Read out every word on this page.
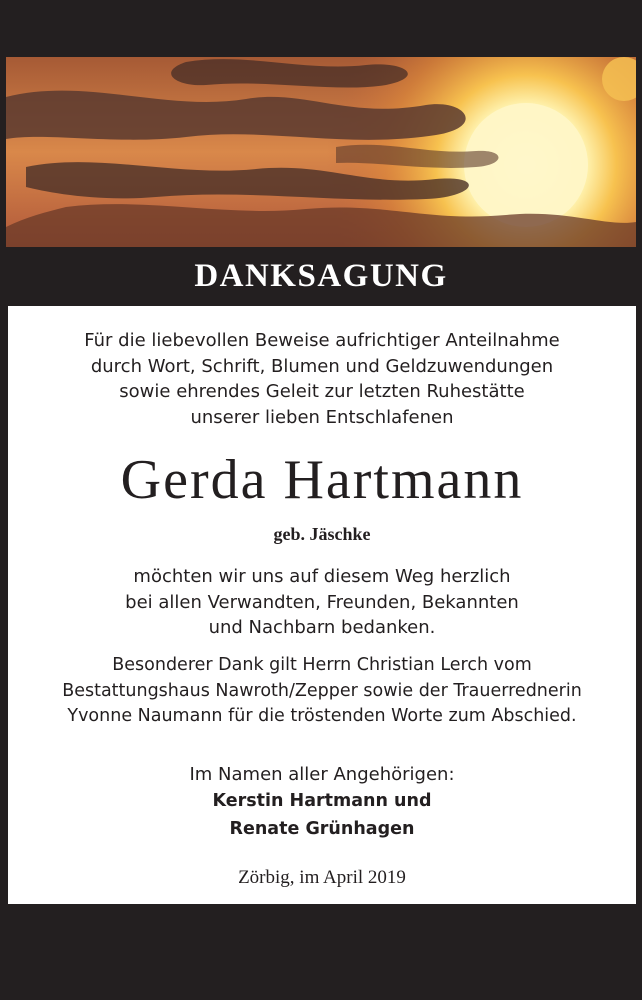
DANKSAGUNG

Für die liebevollen Beweise aufrichtiger Anteilnahme

durch Wort, Schrift, Blumen und Geldzuwendungen

sowie ehrendes Geleit zur letzten Ruhestätte

unserer lieben Entschlafenen

Gerda Hartmann
geb. Jäschke

möchten wir uns auf diesem Weg herzlich

bei allen Verwandten, Freunden, Bekannten

und Nachbarn bedanken.

Besonderer Dank gilt Herrn Christian Lerch vom

Bestattungshaus Nawroth/Zepper sowie der Trauerrednerin

Yvonne Naumann für die tröstenden Worte zum Abschied.

Im Namen aller Angehörigen:

Kerstin Hartmann und

Renate Grünhagen

Zörbig, im April 2019
